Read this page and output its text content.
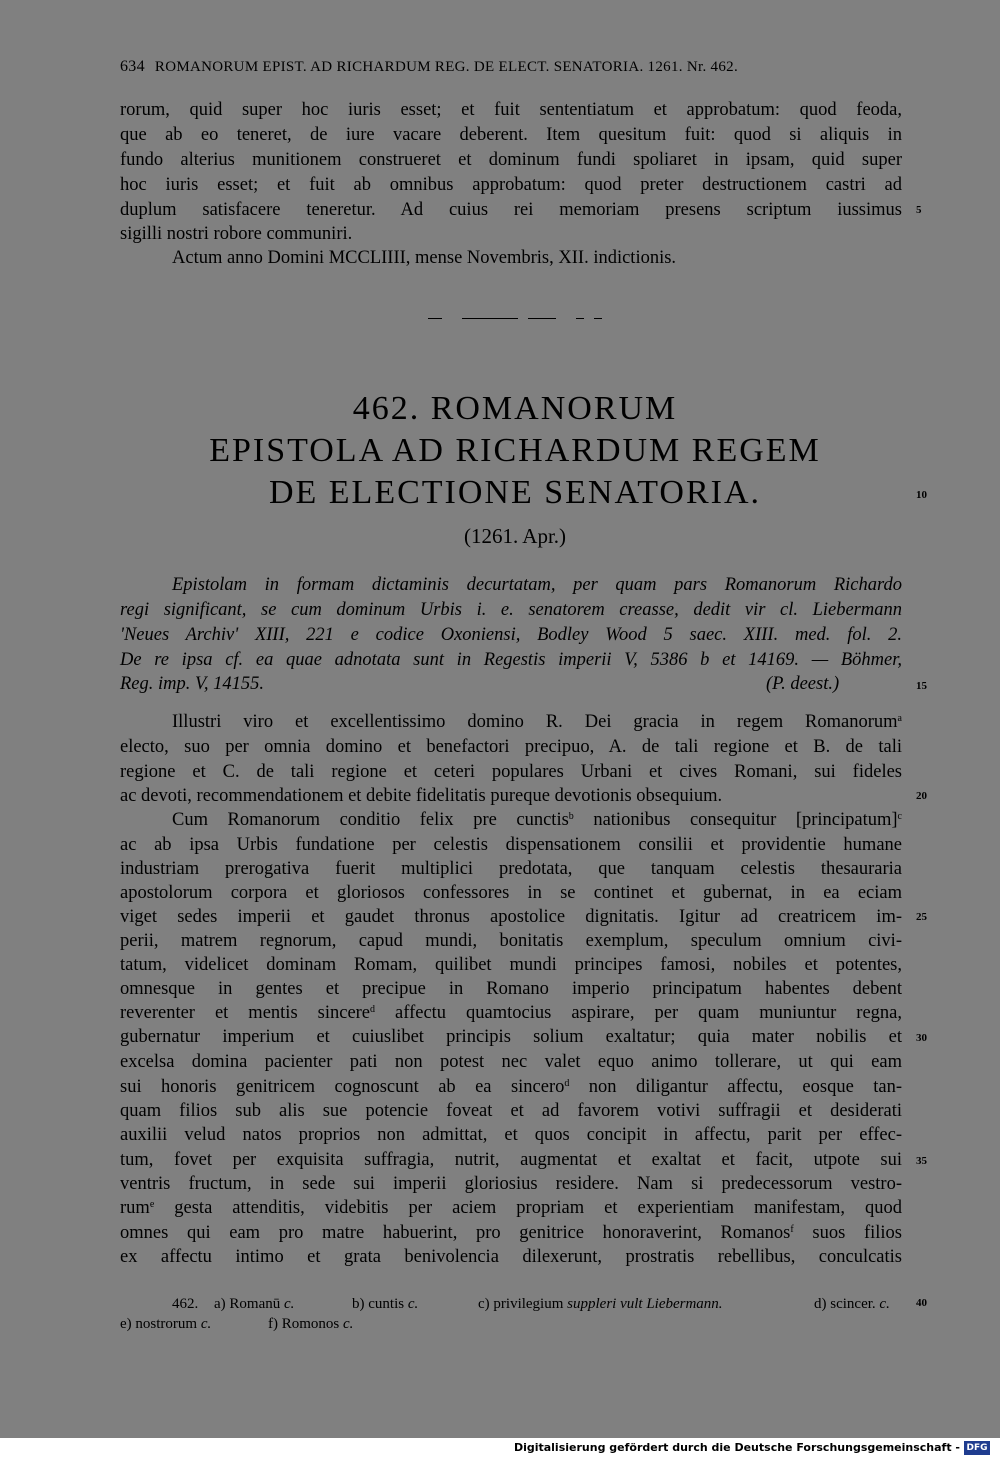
634 ROMANORUM EPIST. AD RICHARDUM REG. DE ELECT. SENATORIA. 1261. Nr. 462.
rorum, quid super hoc iuris esset; et fuit sententiatum et approbatum: quod feoda,
que ab eo teneret, de iure vacare deberent. Item quesitum fuit: quod si aliquis in
fundo alterius munitionem construeret et dominum fundi spoliaret in ipsam, quid super
hoc iuris esset; et fuit ab omnibus approbatum: quod preter destructionem castri ad
duplum satisfacere teneretur. Ad cuius rei memoriam presens scriptum iussimus
sigilli nostri robore communiri.
Actum anno Domini MCCLIIII, mense Novembris, XII. indictionis.
462. ROMANORUM
EPISTOLA AD RICHARDUM REGEM
DE ELECTIONE SENATORIA.
(1261. Apr.)
Epistolam in formam dictaminis decurtatam, per quam pars Romanorum Richardo
regi significant, se cum dominum Urbis i. e. senatorem creasse, dedit vir cl. Liebermann
'Neues Archiv' XIII, 221 e codice Oxoniensi, Bodley Wood 5 saec. XIII. med. fol. 2.
De re ipsa cf. ea quae adnotata sunt in Regestis imperii V, 5386 b et 14169. — Böhmer,
Reg. imp. V, 14155.	(P. deest.)
Illustri viro et excellentissimo domino R. Dei gracia in regem Romanorum$^a$
electo, suo per omnia domino et benefactori precipuo, A. de tali regione et B. de tali
regione et C. de tali regione et ceteri populares Urbani et cives Romani, sui fideles
ac devoti, recommendationem et debite fidelitatis pureque devotionis obsequium.
Cum Romanorum conditio felix pre cunctis$^b$ nationibus consequitur [principatum]$^c$
ac ab ipsa Urbis fundatione per celestis dispensationem consilii et providentie humane
industriam prerogativa fuerit multiplici predotata, que tanquam celestis thesauraria
apostolorum corpora et gloriosos confessores in se continet et gubernat, in ea eciam
viget sedes imperii et gaudet thronus apostolice dignitatis. Igitur ad creatricem im-
perii, matrem regnorum, capud mundi, bonitatis exemplum, speculum omnium civi-
tatum, videlicet dominam Romam, quilibet mundi principes famosi, nobiles et potentes,
omnesque in gentes et precipue in Romano imperio principatum habentes debent
reverenter et mentis sincere$^d$ affectu quamtocius aspirare, per quam muniuntur regna,
gubernatur imperium et cuiuslibet principis solium exaltatur; quia mater nobilis et
excelsa domina pacienter pati non potest nec valet equo animo tollerare, ut qui eam
sui honoris genitricem cognoscunt ab ea sincero$^d$ non diligantur affectu, eosque tan-
quam filios sub alis sue potencie foveat et ad favorem votivi suffragii et desiderati
auxilii velud natos proprios non admittat, et quos concipit in affectu, parit per effec-
tum, fovet per exquisita suffragia, nutrit, augmentat et exaltat et facit, utpote sui
ventris fructum, in sede sui imperii gloriosius residere. Nam si predecessorum vestro-
rum$^e$ gesta attenditis, videbitis per aciem propriam et experientiam manifestam, quod
omnes qui eam pro matre habuerint, pro genitrice honoraverint, Romanos$^f$ suos filios
ex affectu intimo et grata benivolencia dilexerunt, prostratis rebellibus, conculcatis
462. a) Romanū c.	b) cuntis c.	c) privilegium suppleri vult Liebermann.	d) scincer. c.
e) nostrorum c.	f) Romonos c.
5
10
15
20
25
30
35
40
Digitalisierung gefördert durch die Deutsche Forschungsgemeinschaft - DFG
